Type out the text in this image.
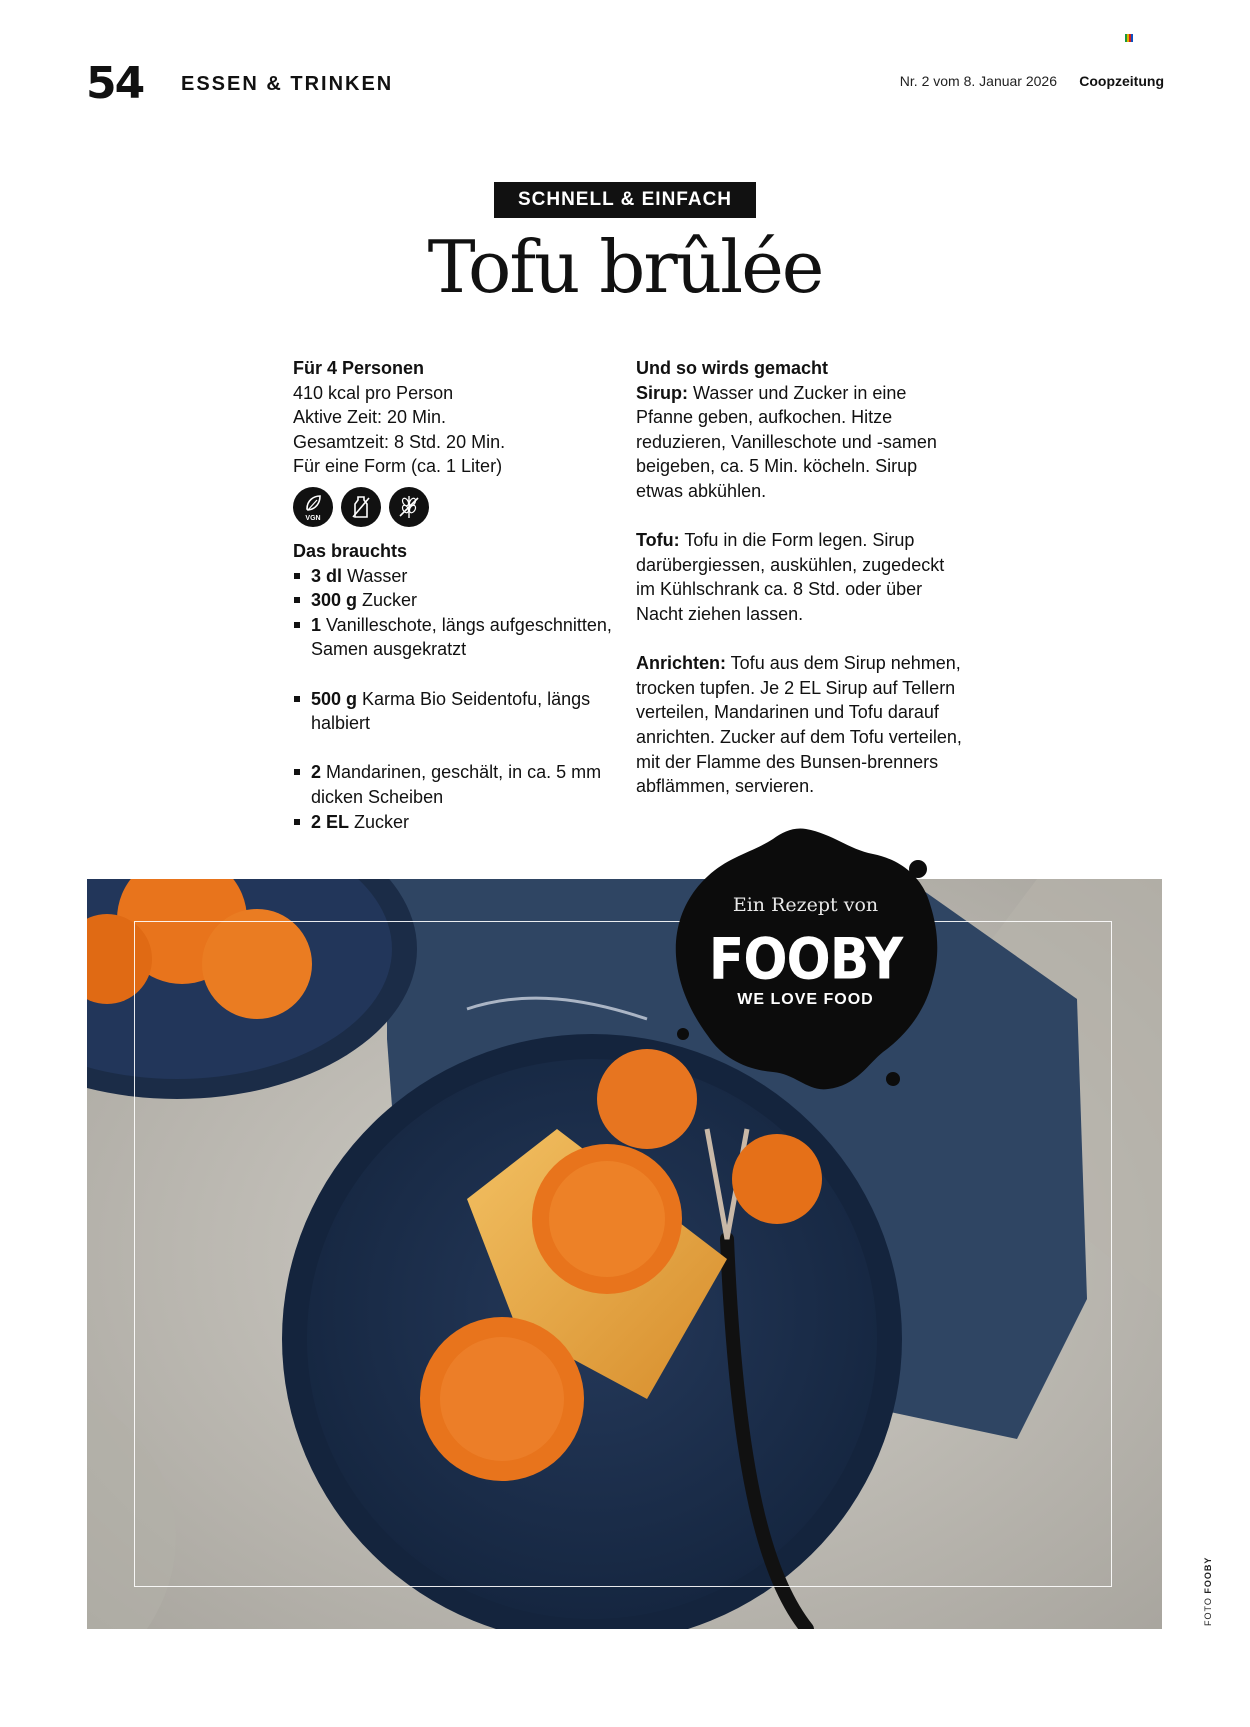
54 ESSEN & TRINKEN	Nr. 2 vom 8. Januar 2026 Coopzeitung
SCHNELL & EINFACH
Tofu brûlée
Für 4 Personen
410 kcal pro Person
Aktive Zeit: 20 Min.
Gesamtzeit: 8 Std. 20 Min.
Für eine Form (ca. 1 Liter)
VGN
Das brauchts
3 dl Wasser
300 g Zucker
1 Vanilleschote, längs aufgeschnitten, Samen ausgekratzt
500 g Karma Bio Seidentofu, längs halbiert
2 Mandarinen, geschält, in ca. 5 mm dicken Scheiben
2 EL Zucker
Und so wirds gemacht
Sirup: Wasser und Zucker in eine Pfanne geben, aufkochen. Hitze reduzieren, Vanilleschote und -samen beigeben, ca. 5 Min. köcheln. Sirup etwas abkühlen.
Tofu: Tofu in die Form legen. Sirup darübergiessen, auskühlen, zugedeckt im Kühlschrank ca. 8 Std. oder über Nacht ziehen lassen.
Anrichten: Tofu aus dem Sirup nehmen, trocken tupfen. Je 2 EL Sirup auf Tellern verteilen, Mandarinen und Tofu darauf anrichten. Zucker auf dem Tofu verteilen, mit der Flamme des Bunsen-brenners abflämmen, servieren.
Ein Rezept von
FOOBY
WE LOVE FOOD
FOTO FOOBY
